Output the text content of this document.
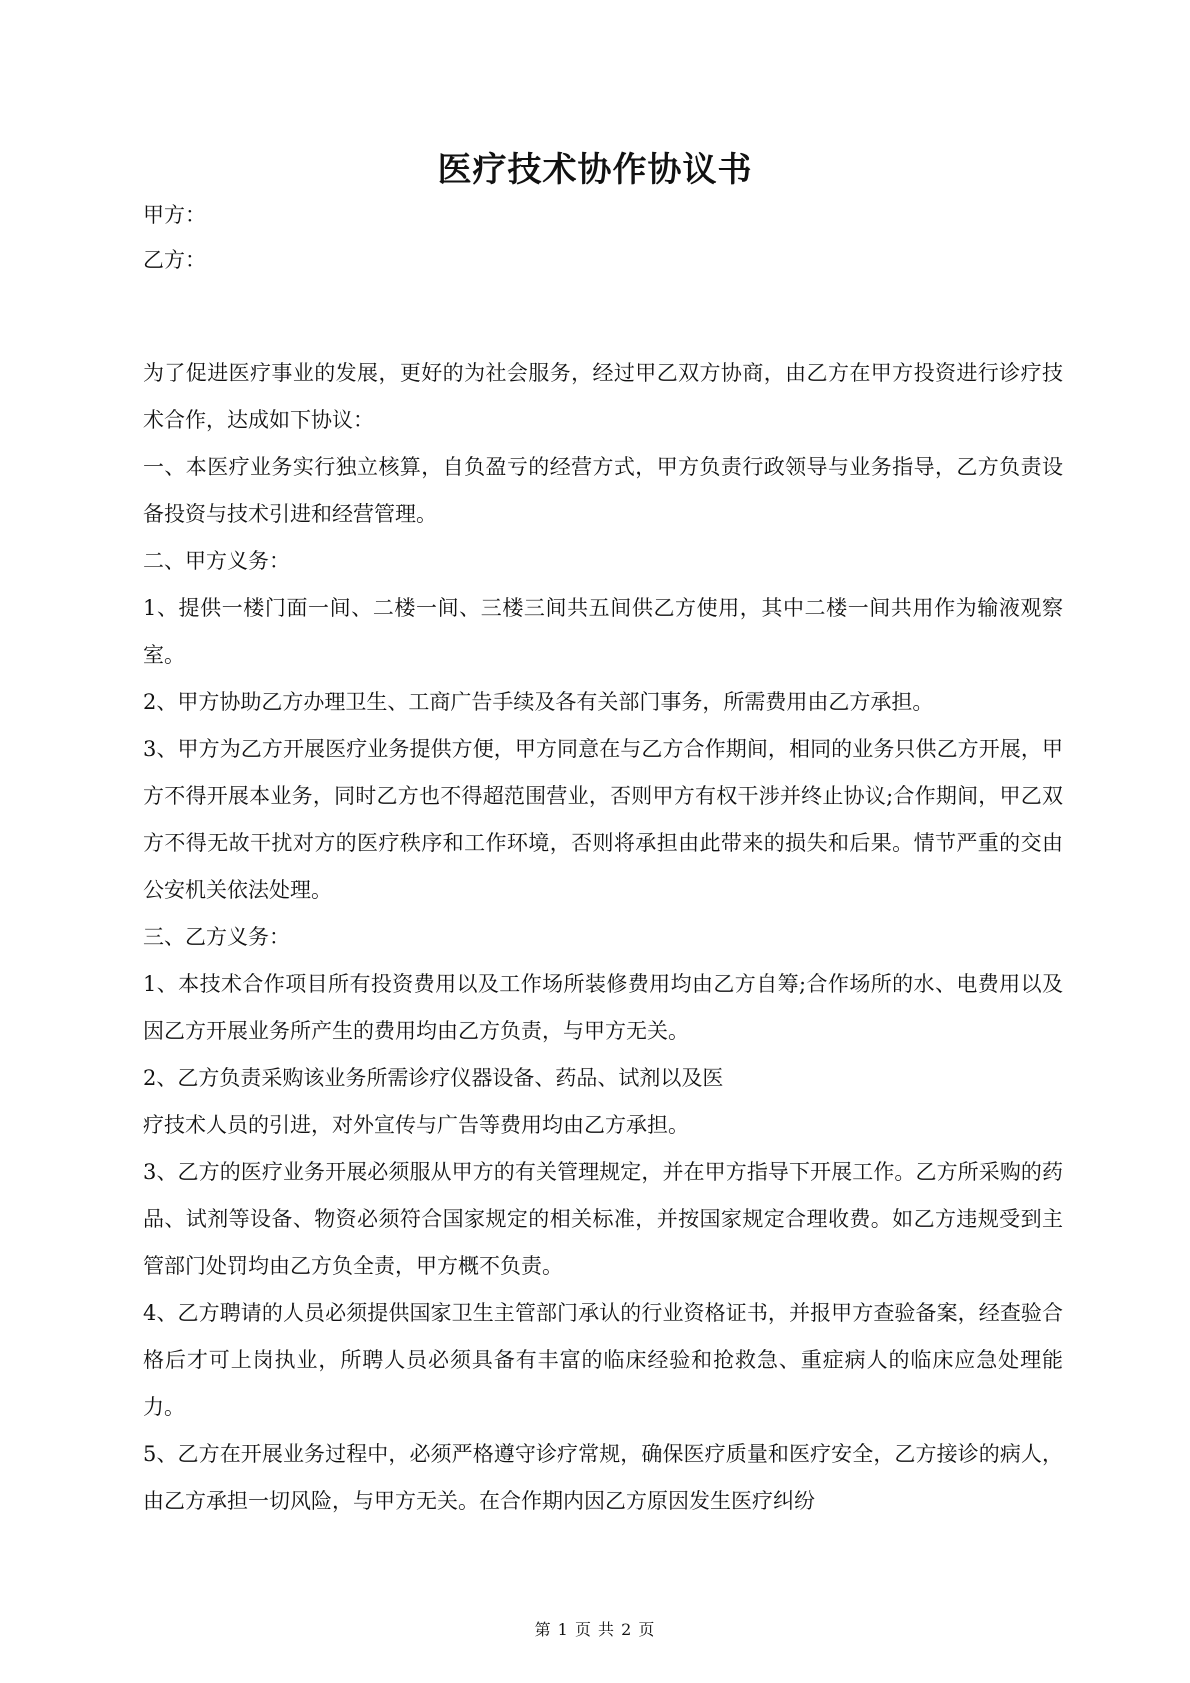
医疗技术协作协议书
甲方：
乙方：

为了促进医疗事业的发展，更好的为社会服务，经过甲乙双方协商，由乙方在甲方投资进行诊疗技术合作，达成如下协议：

一、本医疗业务实行独立核算，自负盈亏的经营方式，甲方负责行政领导与业务指导，乙方负责设备投资与技术引进和经营管理。

二、甲方义务：

1、提供一楼门面一间、二楼一间、三楼三间共五间供乙方使用，其中二楼一间共用作为输液观察室。

2、甲方协助乙方办理卫生、工商广告手续及各有关部门事务，所需费用由乙方承担。

3、甲方为乙方开展医疗业务提供方便，甲方同意在与乙方合作期间，相同的业务只供乙方开展，甲方不得开展本业务，同时乙方也不得超范围营业，否则甲方有权干涉并终止协议;合作期间，甲乙双方不得无故干扰对方的医疗秩序和工作环境，否则将承担由此带来的损失和后果。情节严重的交由公安机关依法处理。

三、乙方义务：

1、本技术合作项目所有投资费用以及工作场所装修费用均由乙方自筹;合作场所的水、电费用以及因乙方开展业务所产生的费用均由乙方负责，与甲方无关。

2、乙方负责采购该业务所需诊疗仪器设备、药品、试剂以及医

疗技术人员的引进，对外宣传与广告等费用均由乙方承担。

3、乙方的医疗业务开展必须服从甲方的有关管理规定，并在甲方指导下开展工作。乙方所采购的药品、试剂等设备、物资必须符合国家规定的相关标准，并按国家规定合理收费。如乙方违规受到主管部门处罚均由乙方负全责，甲方概不负责。

4、乙方聘请的人员必须提供国家卫生主管部门承认的行业资格证书，并报甲方查验备案，经查验合格后才可上岗执业，所聘人员必须具备有丰富的临床经验和抢救急、重症病人的临床应急处理能力。

5、乙方在开展业务过程中，必须严格遵守诊疗常规，确保医疗质量和医疗安全，乙方接诊的病人，由乙方承担一切风险，与甲方无关。在合作期内因乙方原因发生医疗纠纷

第 1 页 共 2 页
